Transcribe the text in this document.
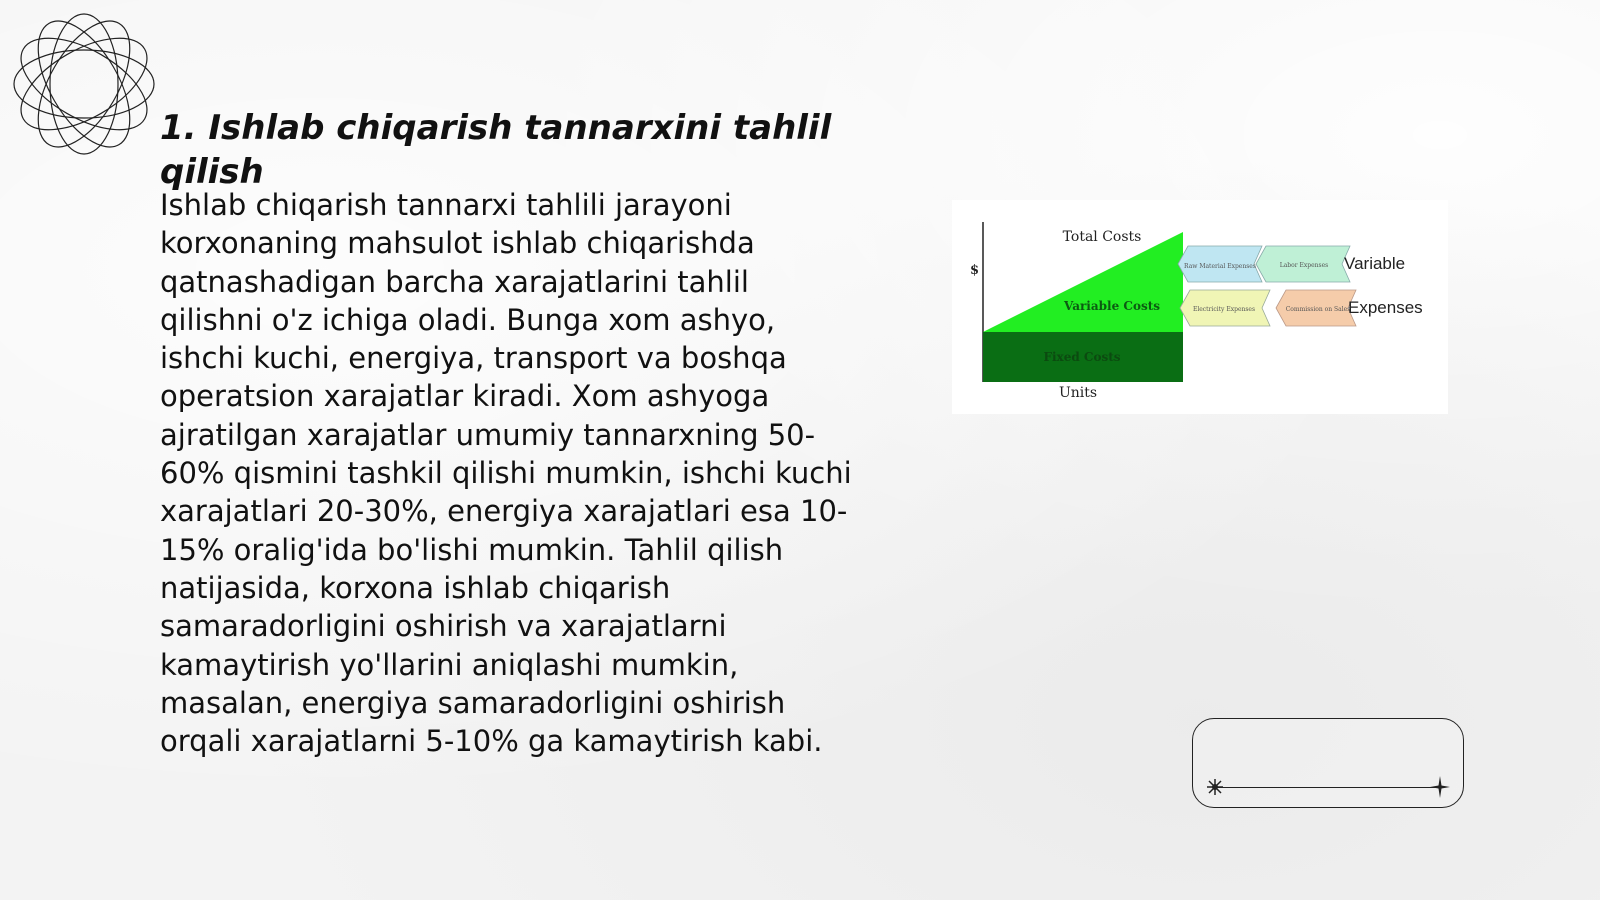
1. Ishlab chiqarish tannarxini tahlil qilish

Ishlab chiqarish tannarxi tahlili jarayoni korxonaning mahsulot ishlab chiqarishda qatnashadigan barcha xarajatlarini tahlil qilishni o'z ichiga oladi. Bunga xom ashyo, ishchi kuchi, energiya, transport va boshqa operatsion xarajatlar kiradi. Xom ashyoga ajratilgan xarajatlar umumiy tannarxning 50-60% qismini tashkil qilishi mumkin, ishchi kuchi xarajatlari 20-30%, energiya xarajatlari esa 10-15% oralig'ida bo'lishi mumkin. Tahlil qilish natijasida, korxona ishlab chiqarish samaradorligini oshirish va xarajatlarni kamaytirish yo'llarini aniqlashi mumkin, masalan, energiya samaradorligini oshirish orqali xarajatlarni 5-10% ga kamaytirish kabi.

$
Fixed Costs
Variable Costs
Total Costs
Units
Raw Material Expenses	Labor Expenses
Electricity Expenses	Commission on Sales
Variable
Expenses
